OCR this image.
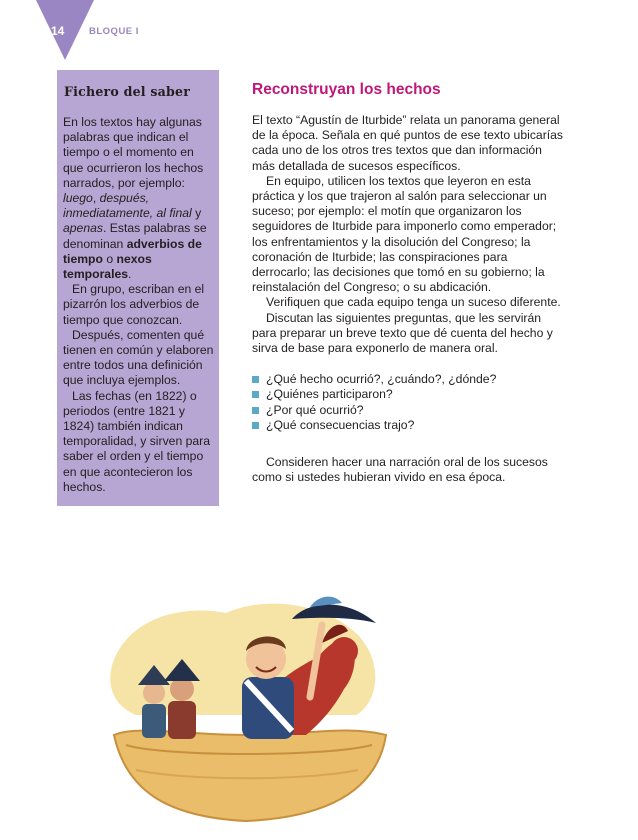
14	BLOQUE I
Fichero del saber

En los textos hay algunas palabras que indican el tiempo o el momento en que ocurrieron los hechos narrados, por ejemplo: luego, después, inmediatamente, al final y apenas. Estas palabras se denominan adverbios de tiempo o nexos temporales.

En grupo, escriban en el pizarrón los adverbios de tiempo que conozcan.

Después, comenten qué tienen en común y elaboren entre todos una definición que incluya ejemplos.

Las fechas (en 1822) o periodos (entre 1821 y 1824) también indican temporalidad, y sirven para saber el orden y el tiempo en que acontecieron los hechos.

Reconstruyan los hechos

El texto “Agustín de Iturbide” relata un panorama general de la época. Señala en qué puntos de ese texto ubicarías cada uno de los otros tres textos que dan información más detallada de sucesos específicos.

En equipo, utilicen los textos que leyeron en esta práctica y los que trajeron al salón para seleccionar un suceso; por ejemplo: el motín que organizaron los seguidores de Iturbide para imponerlo como emperador; los enfrentamientos y la disolución del Congreso; la coronación de Iturbide; las conspiraciones para derrocarlo; las decisiones que tomó en su gobierno; la reinstalación del Congreso; o su abdicación.

Verifiquen que cada equipo tenga un suceso diferente.

Discutan las siguientes preguntas, que les servirán para preparar un breve texto que dé cuenta del hecho y sirva de base para exponerlo de manera oral.

¿Qué hecho ocurrió?, ¿cuándo?, ¿dónde?
¿Quiénes participaron?
¿Por qué ocurrió?
¿Qué consecuencias trajo?

Consideren hacer una narración oral de los sucesos como si ustedes hubieran vivido en esa época.
